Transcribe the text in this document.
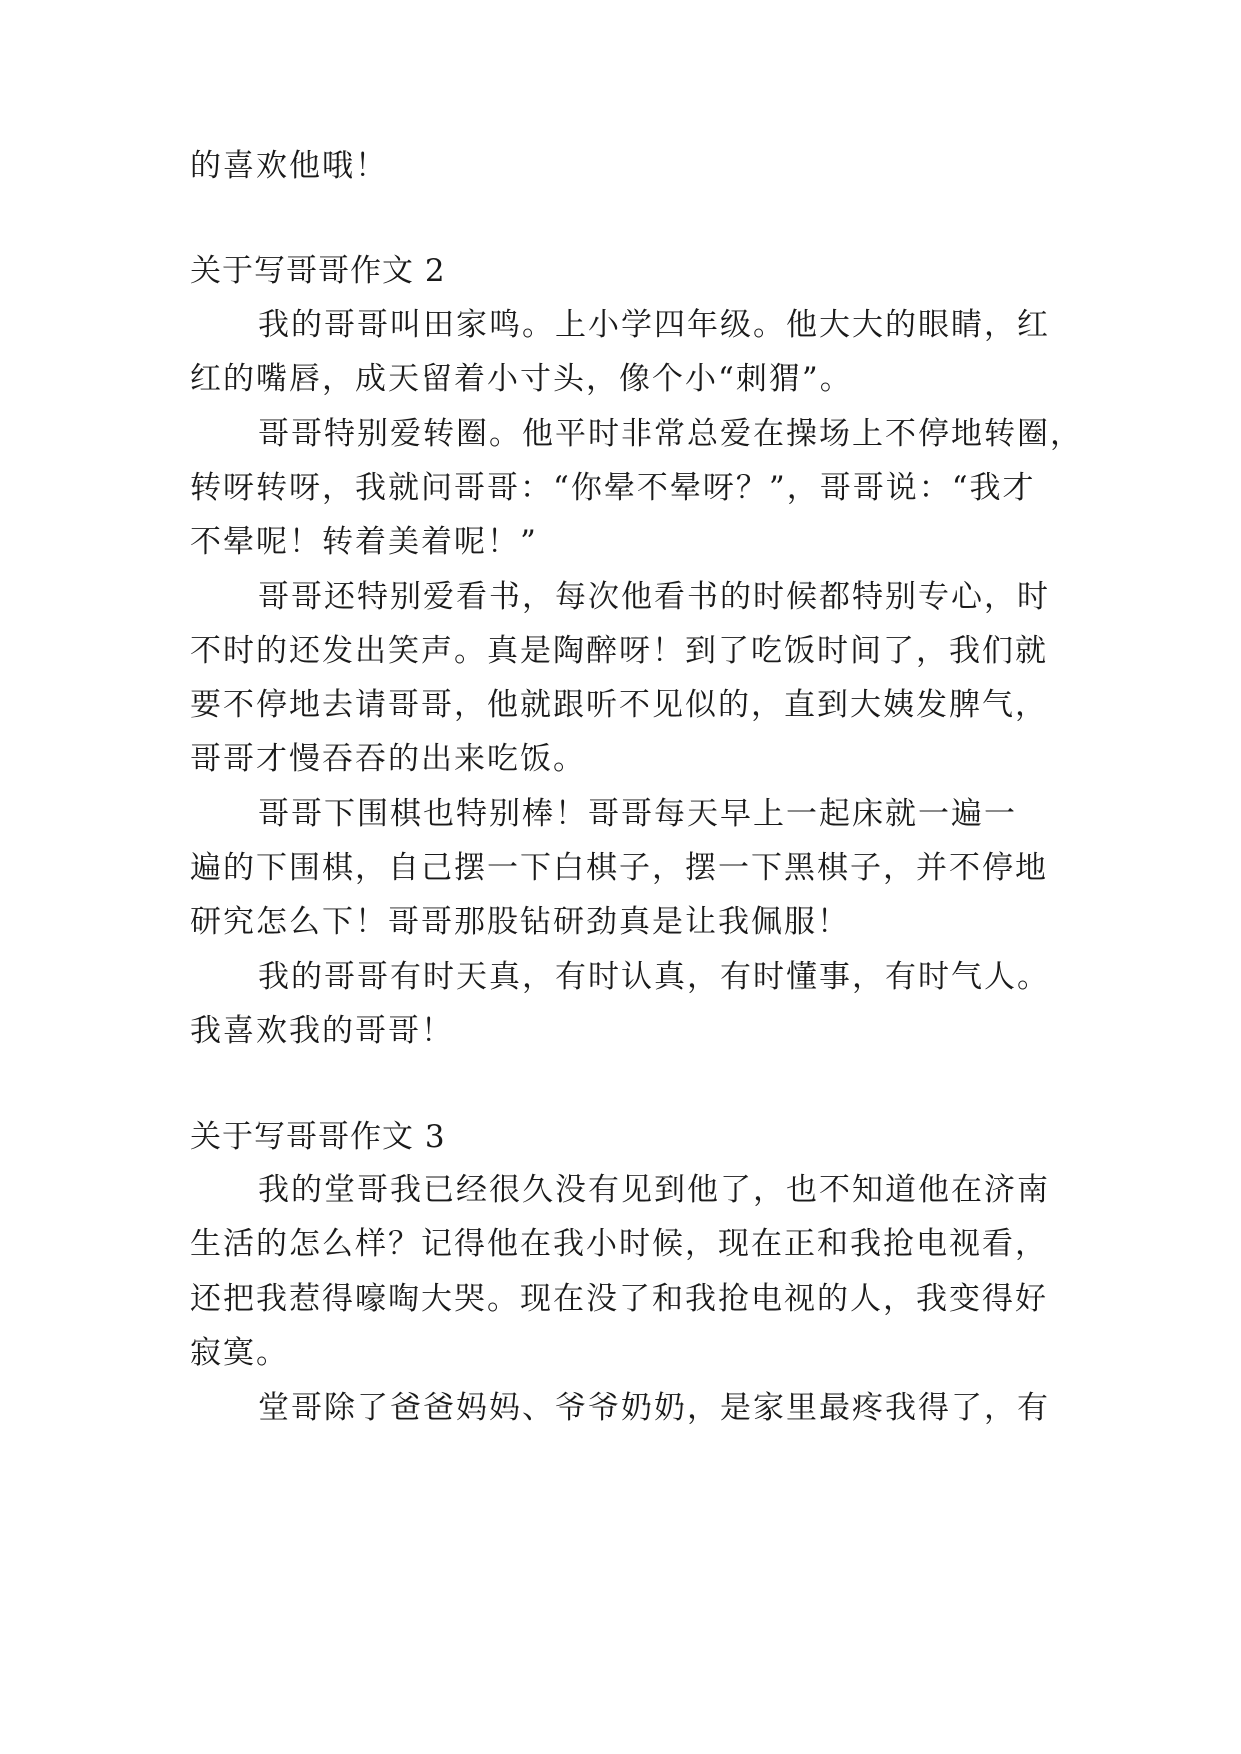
的喜欢他哦！
关于写哥哥作文 2
我的哥哥叫田家鸣。上小学四年级。他大大的眼睛，红
红的嘴唇，成天留着小寸头，像个小“刺猬”。
哥哥特别爱转圈。他平时非常总爱在操场上不停地转圈，
转呀转呀，我就问哥哥：“你晕不晕呀？”，哥哥说：“我才
不晕呢！转着美着呢！”
哥哥还特别爱看书，每次他看书的时候都特别专心，时
不时的还发出笑声。真是陶醉呀！到了吃饭时间了，我们就
要不停地去请哥哥，他就跟听不见似的，直到大姨发脾气，
哥哥才慢吞吞的出来吃饭。
哥哥下围棋也特别棒！哥哥每天早上一起床就一遍一
遍的下围棋，自己摆一下白棋子，摆一下黑棋子，并不停地
研究怎么下！哥哥那股钻研劲真是让我佩服！
我的哥哥有时天真，有时认真，有时懂事，有时气人。
我喜欢我的哥哥！
关于写哥哥作文 3
我的堂哥我已经很久没有见到他了，也不知道他在济南
生活的怎么样？记得他在我小时候，现在正和我抢电视看，
还把我惹得嚎啕大哭。现在没了和我抢电视的人，我变得好
寂寞。
堂哥除了爸爸妈妈、爷爷奶奶，是家里最疼我得了，有
